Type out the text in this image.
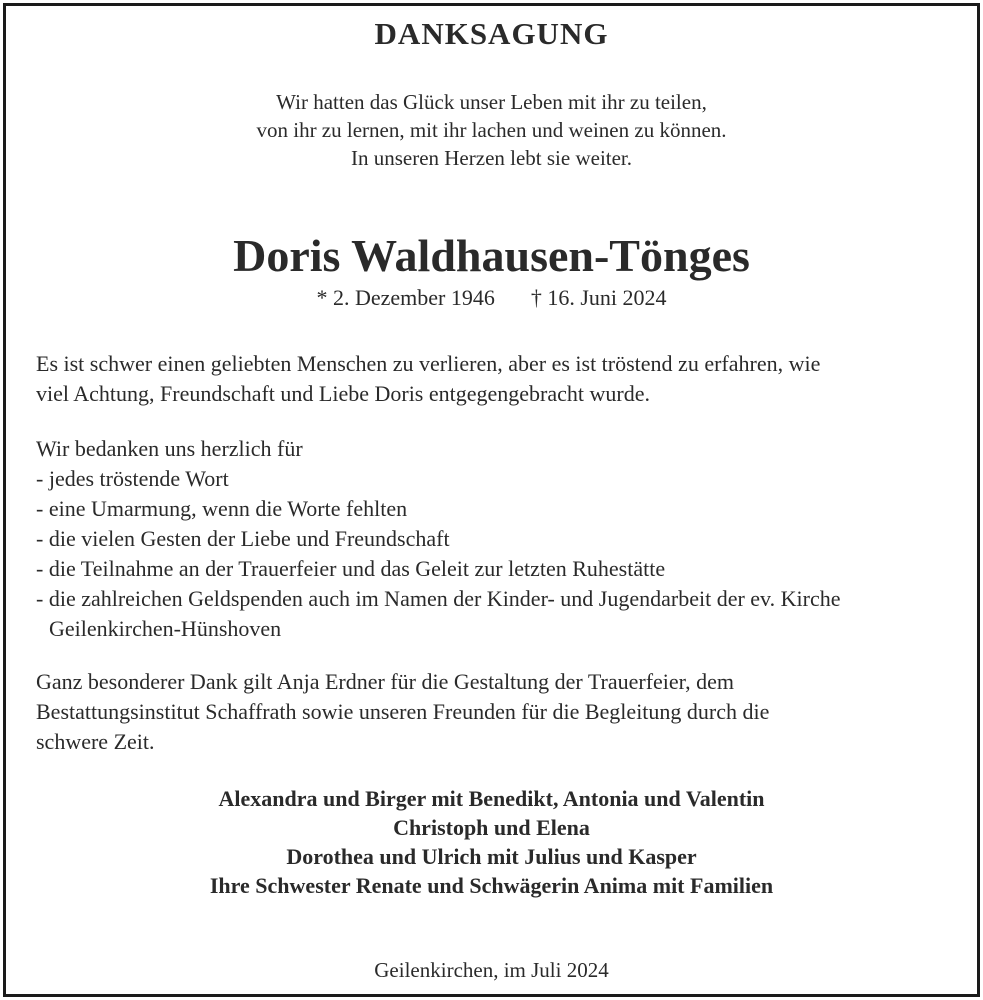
DANKSAGUNG
Wir hatten das Glück unser Leben mit ihr zu teilen,
von ihr zu lernen, mit ihr lachen und weinen zu können.
In unseren Herzen lebt sie weiter.
Doris Waldhausen-Tönges
* 2. Dezember 1946 † 16. Juni 2024
Es ist schwer einen geliebten Menschen zu verlieren, aber es ist tröstend zu erfahren, wie
viel Achtung, Freundschaft und Liebe Doris entgegengebracht wurde.
Wir bedanken uns herzlich für
- jedes tröstende Wort
- eine Umarmung, wenn die Worte fehlten
- die vielen Gesten der Liebe und Freundschaft
- die Teilnahme an der Trauerfeier und das Geleit zur letzten Ruhestätte
- die zahlreichen Geldspenden auch im Namen der Kinder- und Jugendarbeit der ev. Kirche
Geilenkirchen-Hünshoven
Ganz besonderer Dank gilt Anja Erdner für die Gestaltung der Trauerfeier, dem
Bestattungsinstitut Schaffrath sowie unseren Freunden für die Begleitung durch die
schwere Zeit.
Alexandra und Birger mit Benedikt, Antonia und Valentin
Christoph und Elena
Dorothea und Ulrich mit Julius und Kasper
Ihre Schwester Renate und Schwägerin Anima mit Familien
Geilenkirchen, im Juli 2024
